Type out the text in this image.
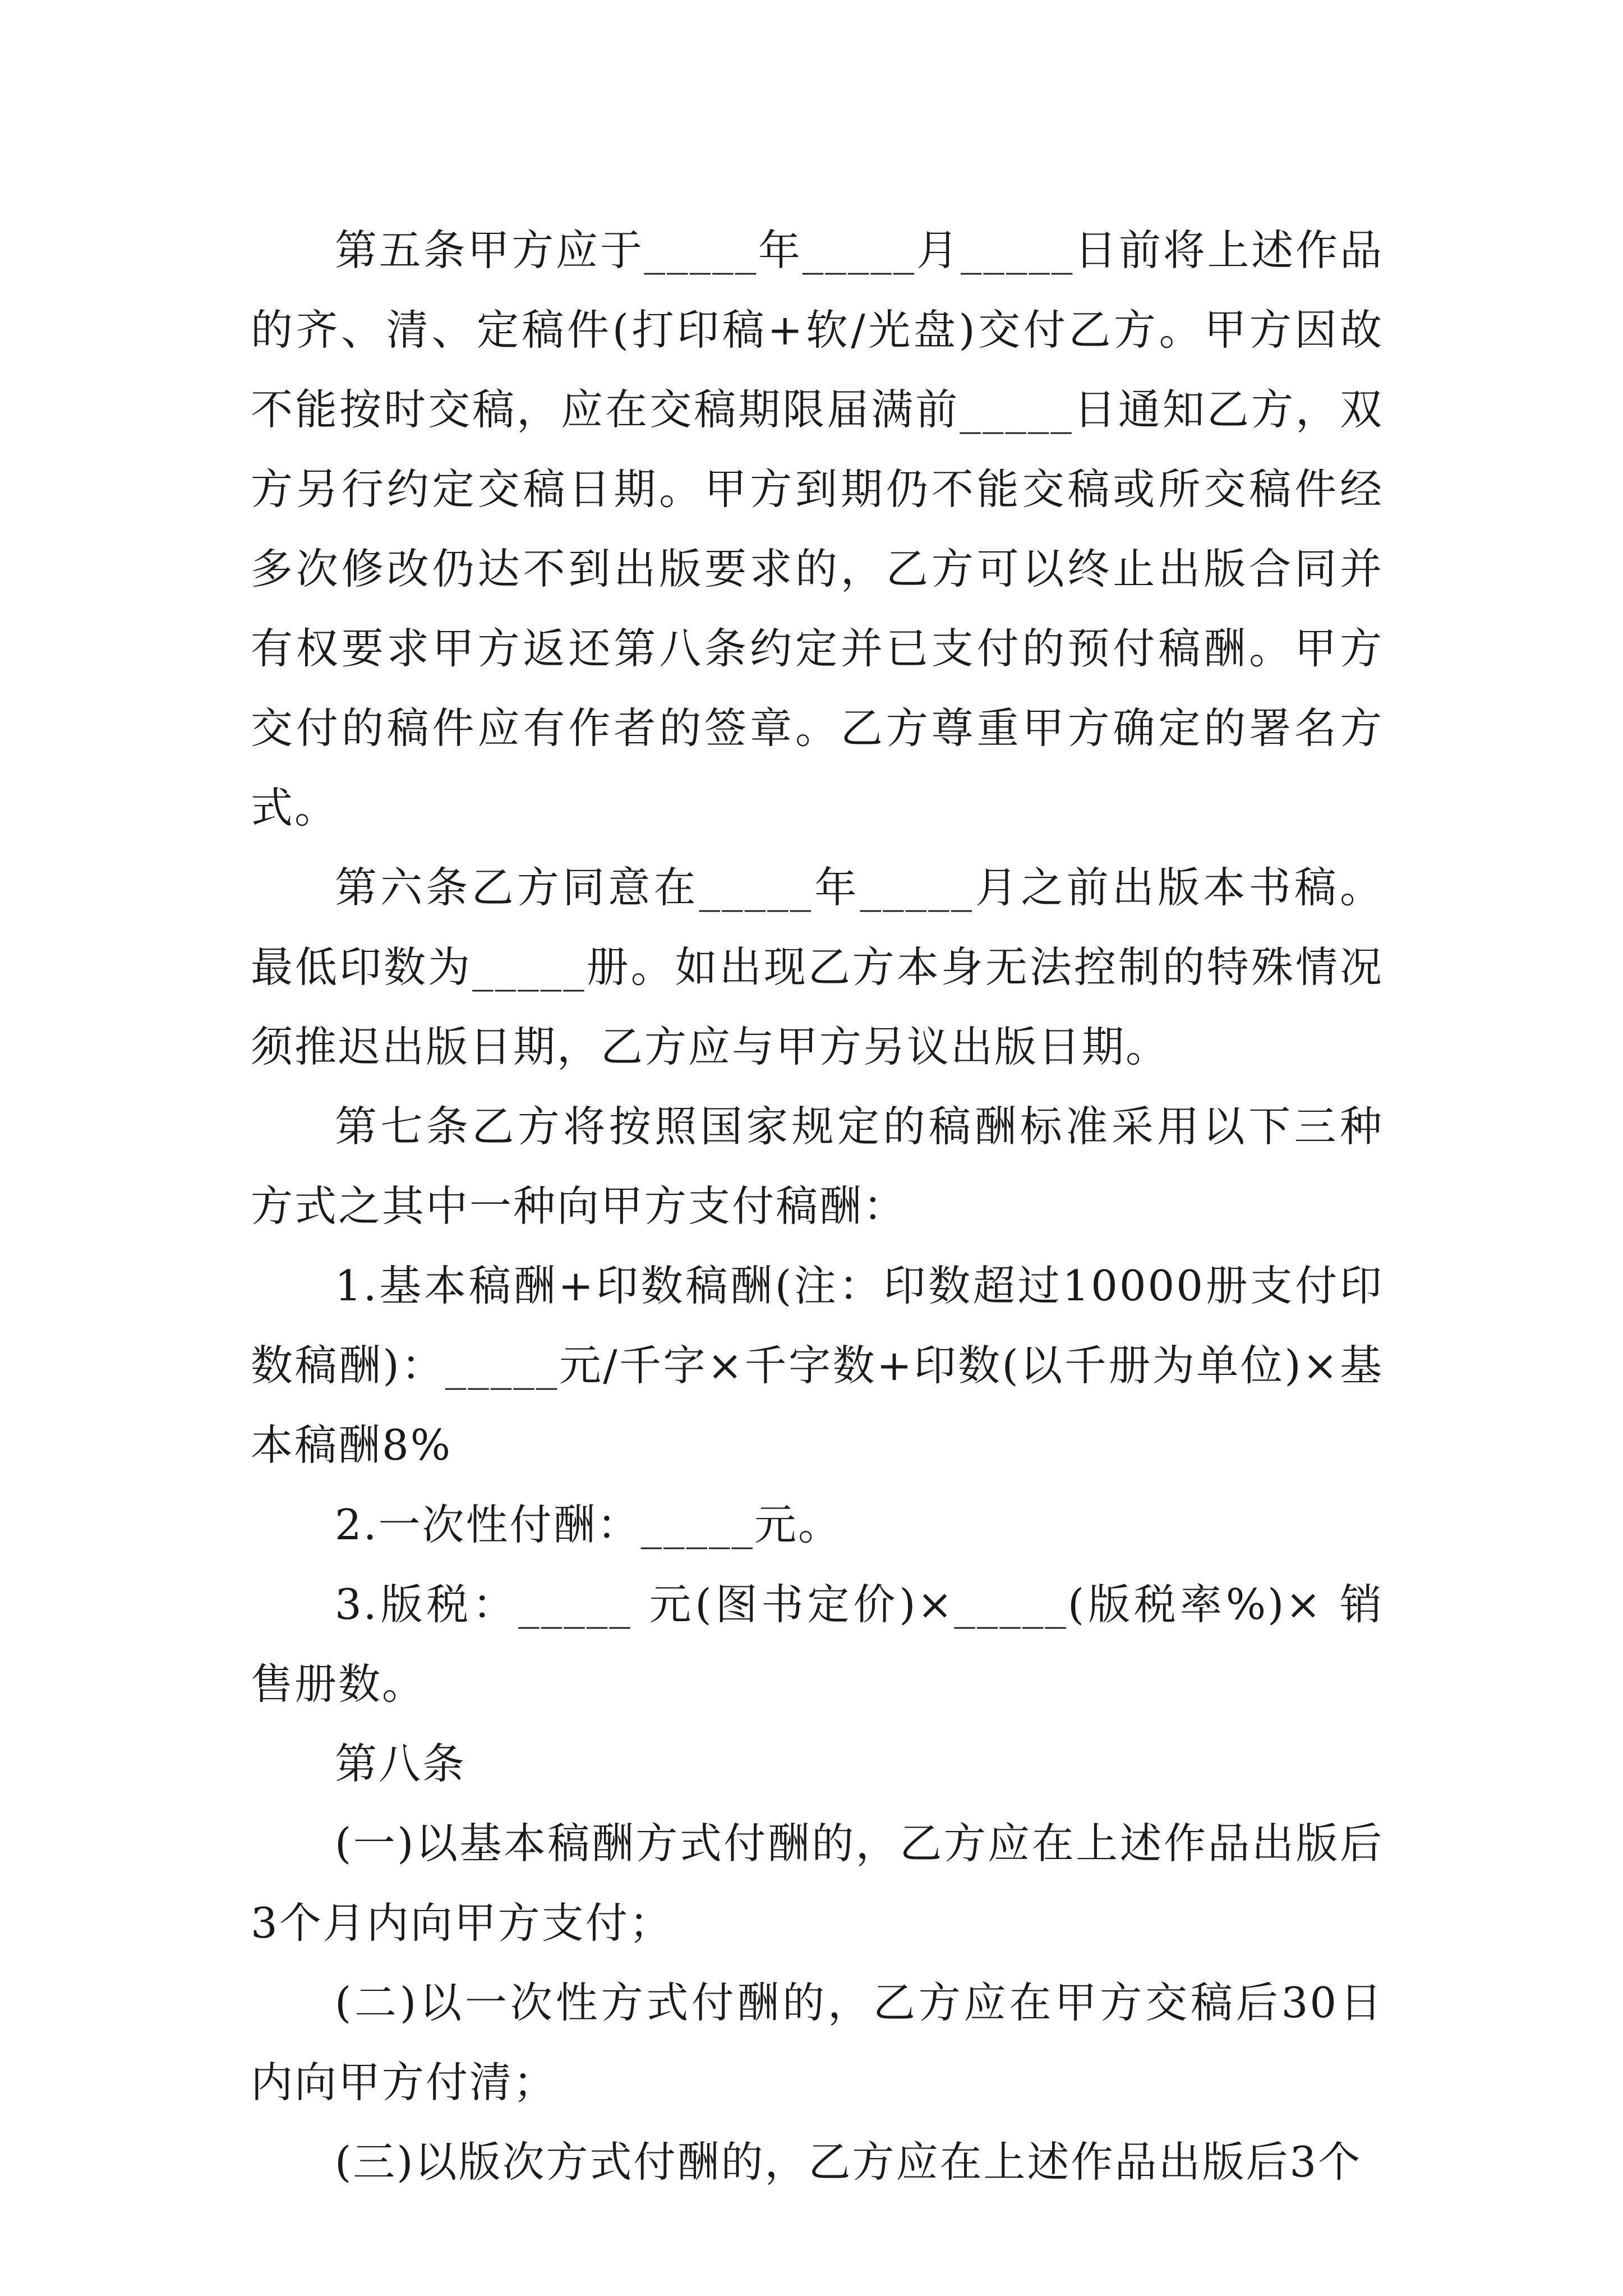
第五条甲方应于_____年_____月_____日前将上述作品的齐、清、定稿件(打印稿+软/光盘)交付乙方。甲方因故不能按时交稿，应在交稿期限届满前_____日通知乙方，双方另行约定交稿日期。甲方到期仍不能交稿或所交稿件经多次修改仍达不到出版要求的，乙方可以终止出版合同并有权要求甲方返还第八条约定并已支付的预付稿酬。甲方交付的稿件应有作者的签章。乙方尊重甲方确定的署名方式。

第六条乙方同意在_____年_____月之前出版本书稿。最低印数为_____册。如出现乙方本身无法控制的特殊情况须推迟出版日期，乙方应与甲方另议出版日期。

第七条乙方将按照国家规定的稿酬标准采用以下三种方式之其中一种向甲方支付稿酬：

1.基本稿酬+印数稿酬(注：印数超过10000册支付印数稿酬)：_____元/千字×千字数+印数(以千册为单位)×基本稿酬8%

2.一次性付酬：_____元。

3.版税：_____ 元(图书定价)×_____(版税率%)× 销售册数。

第八条

(一)以基本稿酬方式付酬的，乙方应在上述作品出版后3个月内向甲方支付；

(二)以一次性方式付酬的，乙方应在甲方交稿后30日内向甲方付清；

(三)以版次方式付酬的，乙方应在上述作品出版后3个
